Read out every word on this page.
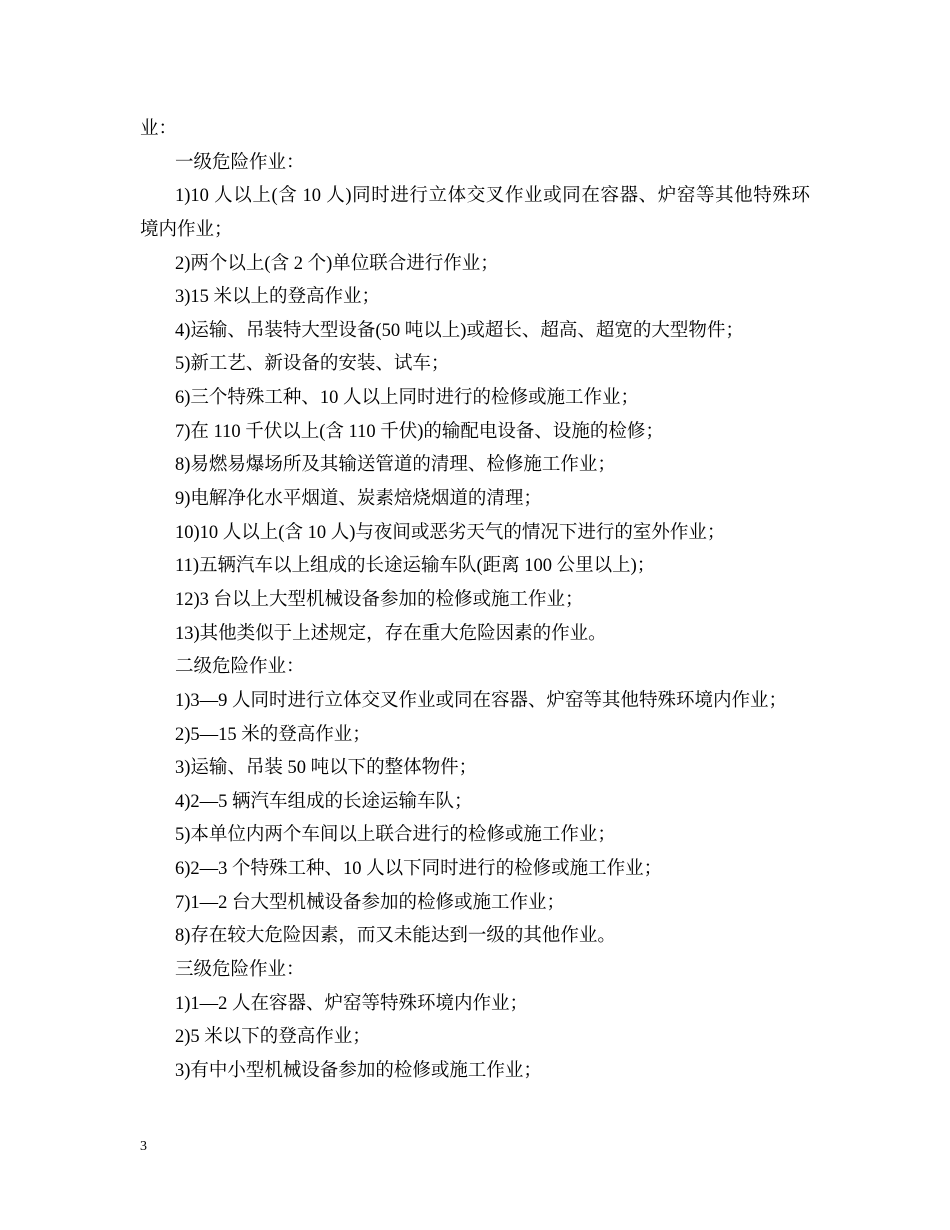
业：
一级危险作业：
1)10 人以上(含 10 人)同时进行立体交叉作业或同在容器、炉窑等其他特殊环
境内作业；
2)两个以上(含 2 个)单位联合进行作业；
3)15 米以上的登高作业；
4)运输、吊装特大型设备(50 吨以上)或超长、超高、超宽的大型物件；
5)新工艺、新设备的安装、试车；
6)三个特殊工种、10 人以上同时进行的检修或施工作业；
7)在 110 千伏以上(含 110 千伏)的输配电设备、设施的检修；
8)易燃易爆场所及其输送管道的清理、检修施工作业；
9)电解净化水平烟道、炭素焙烧烟道的清理；
10)10 人以上(含 10 人)与夜间或恶劣天气的情况下进行的室外作业；
11)五辆汽车以上组成的长途运输车队(距离 100 公里以上)；
12)3 台以上大型机械设备参加的检修或施工作业；
13)其他类似于上述规定，存在重大危险因素的作业。
二级危险作业：
1)3—9 人同时进行立体交叉作业或同在容器、炉窑等其他特殊环境内作业；
2)5—15 米的登高作业；
3)运输、吊装 50 吨以下的整体物件；
4)2—5 辆汽车组成的长途运输车队；
5)本单位内两个车间以上联合进行的检修或施工作业；
6)2—3 个特殊工种、10 人以下同时进行的检修或施工作业；
7)1—2 台大型机械设备参加的检修或施工作业；
8)存在较大危险因素，而又未能达到一级的其他作业。
三级危险作业：
1)1—2 人在容器、炉窑等特殊环境内作业；
2)5 米以下的登高作业；
3)有中小型机械设备参加的检修或施工作业；
3
